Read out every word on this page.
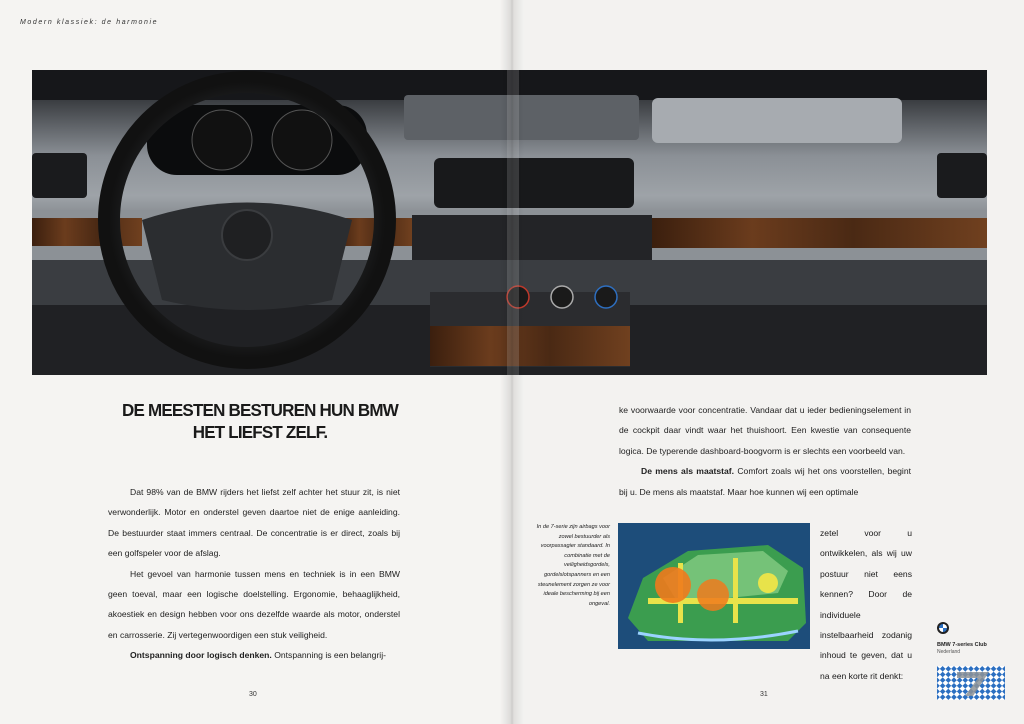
Modern klassiek: de harmonie
DE MEESTEN BESTUREN HUN BMW
HET LIEFST ZELF.

Dat 98% van de BMW rijders het liefst zelf achter het stuur zit, is niet verwonderlijk. Motor en onderstel geven daartoe niet de enige aanleiding. De bestuurder staat immers centraal. De concentratie is er direct, zoals bij een golfspeler voor de afslag.

Het gevoel van harmonie tussen mens en techniek is in een BMW geen toeval, maar een logische doelstelling. Ergonomie, behaaglijkheid, akoestiek en design hebben voor ons dezelfde waarde als motor, onderstel en carrosserie. Zij vertegenwoordigen een stuk veiligheid.

Ontspanning door logisch denken. Ontspanning is een belangrij-

ke voorwaarde voor concentratie. Vandaar dat u ieder bedieningselement in de cockpit daar vindt waar het thuishoort. Een kwestie van consequente logica. De typerende dashboard-boogvorm is er slechts een voorbeeld van.

De mens als maatstaf. Comfort zoals wij het ons voorstellen, begint bij u. De mens als maatstaf. Maar hoe kunnen wij een optimale

In de 7-serie zijn airbags voor zowel bestuurder als voorpassagier standaard. In combinatie met de veiligheidsgordels, gordelslotspanners en een steunelement zorgen ze voor ideale bescherming bij een ongeval.

zetel voor u ontwikkelen, als wij uw postuur niet eens kennen? Door de individuele instelbaarheid zodanig inhoud te geven, dat u na een korte rit denkt:

30	31
BMW 7-series Club
Nederland
